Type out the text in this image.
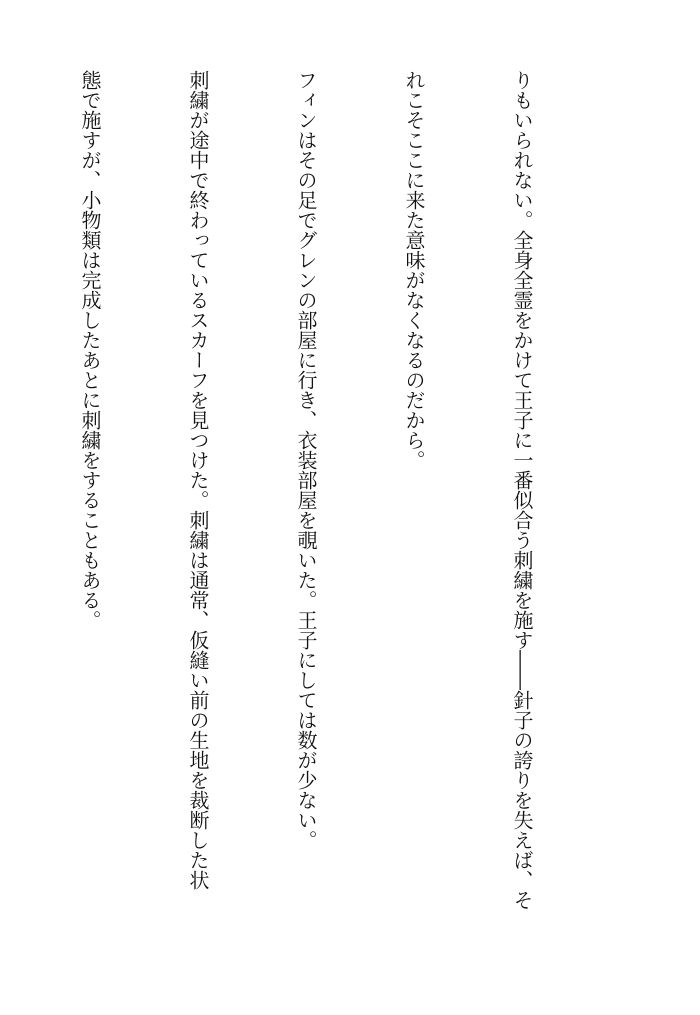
りもいられない。全身全霊をかけて王子に一番似合う刺繍を施す――針子の誇りを失えば、そ

れこそここに来た意味がなくなるのだから。

フィンはその足でグレンの部屋に行き、衣装部屋を覗いた。王子にしては数が少ない。

刺繍が途中で終わっているスカーフを見つけた。刺繍は通常、仮縫い前の生地を裁断した状

態で施すが、小物類は完成したあとに刺繍をすることもある。
